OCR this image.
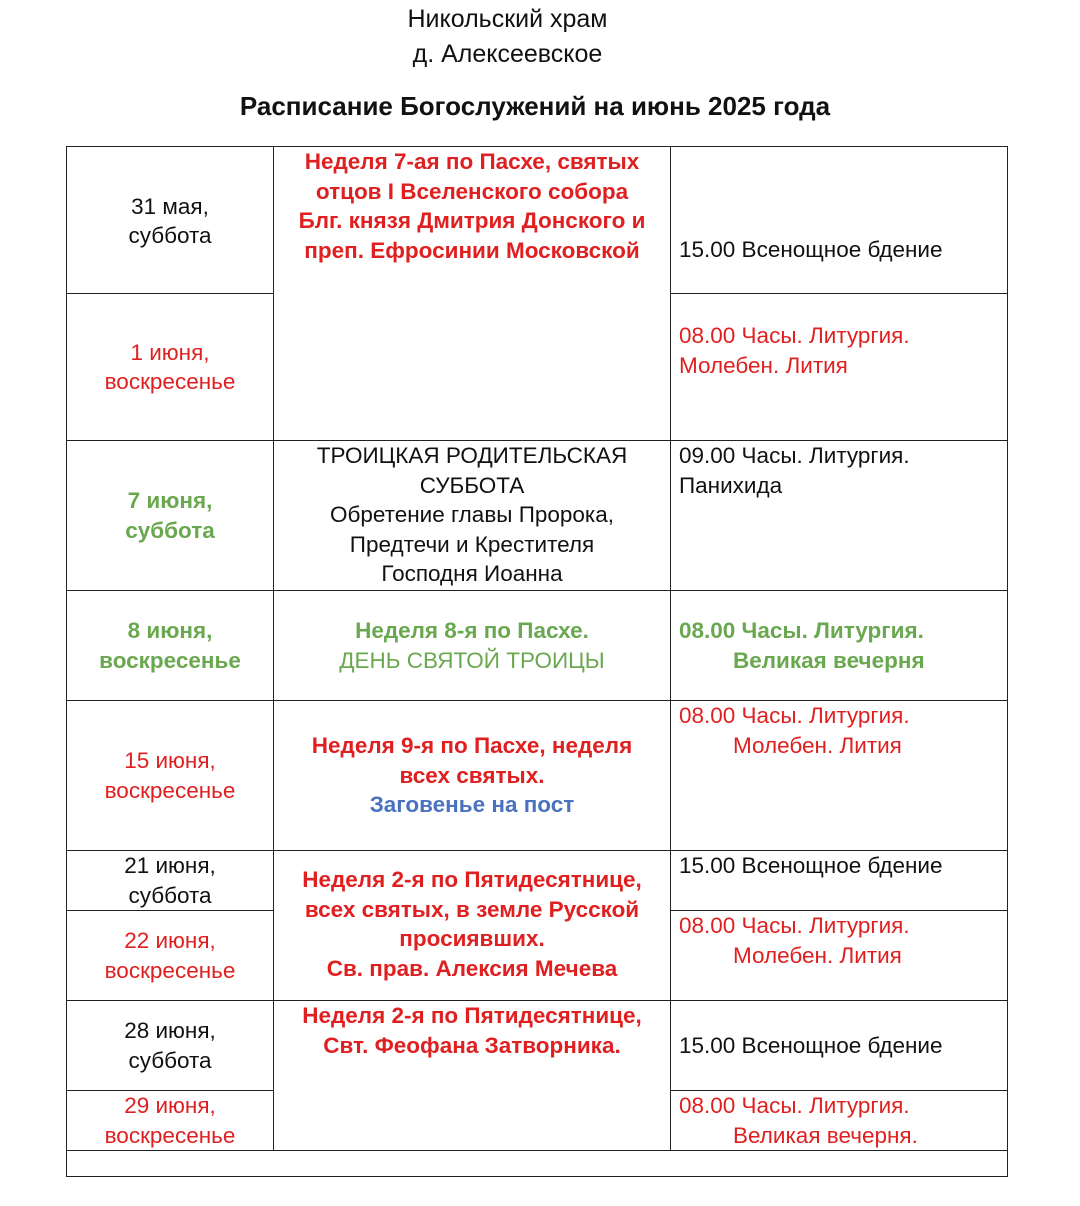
Никольский храм
д. Алексеевское
Расписание Богослужений на июнь 2025 года
31 мая,
суббота	Неделя 7-ая по Пасхе, святых
отцов I Вселенского собора
Блг. князя Дмитрия Донского и
преп. Ефросинии Московской	15.00 Всенощное бдение

1 июня,
воскресенье		08.00 Часы. Литургия.
Молебен. Лития

7 июня,
суббота	ТРОИЦКАЯ РОДИТЕЛЬСКАЯ
СУББОТА
Обретение главы Пророка,
Предтечи и Крестителя
Господня Иоанна	09.00 Часы. Литургия.
Панихида

8 июня,
воскресенье	Неделя 8-я по Пасхе.
ДЕНЬ СВЯТОЙ ТРОИЦЫ	08.00 Часы. Литургия.
Великая вечерня

15 июня,
воскресенье	Неделя 9-я по Пасхе, неделя
всех святых.
Заговенье на пост	08.00 Часы. Литургия.
Молебен. Лития

21 июня,
суббота	Неделя 2-я по Пятидесятнице,
всех святых, в земле Русской
просиявших.
Св. прав. Алексия Мечева	15.00 Всенощное бдение

22 июня,
воскресенье		08.00 Часы. Литургия.
Молебен. Лития

28 июня,
суббота	Неделя 2-я по Пятидесятнице,
Свт. Феофана Затворника.	15.00 Всенощное бдение

29 июня,
воскресенье		08.00 Часы. Литургия.
Великая вечерня.
